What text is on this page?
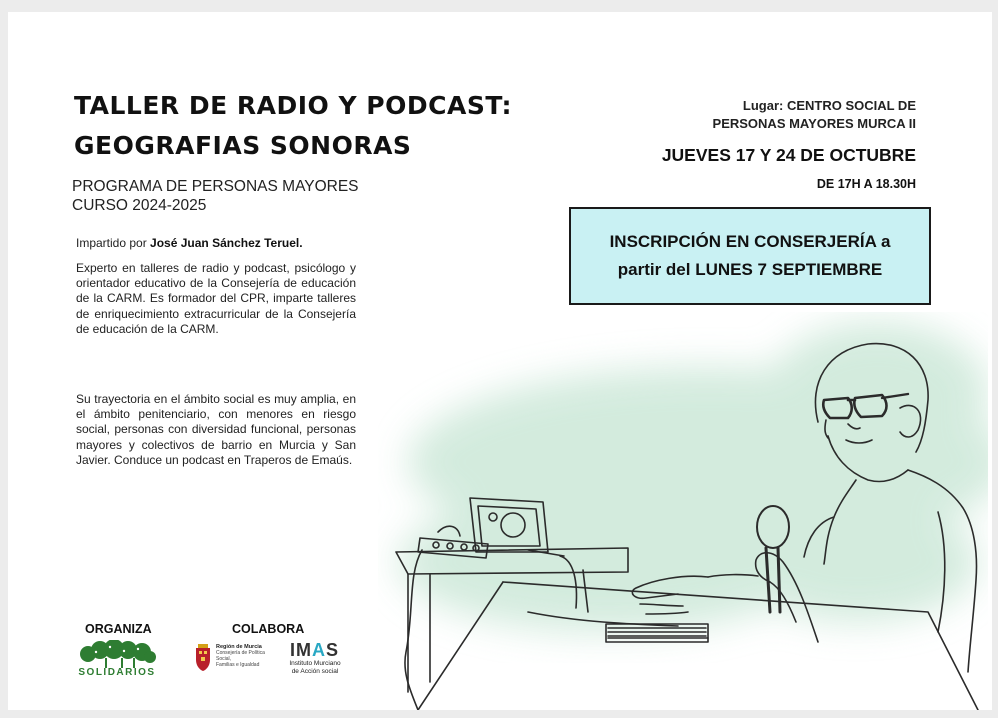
TALLER DE RADIO Y PODCAST:
GEOGRAFIAS SONORAS
PROGRAMA DE PERSONAS MAYORES
CURSO 2024-2025
Impartido por José Juan Sánchez Teruel.

Experto en talleres de radio y podcast, psicólogo y orientador educativo de la Consejería de educación de la CARM. Es formador del CPR, imparte talleres de enriquecimiento extracurricular de la Consejería de educación de la CARM.

Su trayectoria en el ámbito social es muy amplia, en el ámbito penitenciario, con menores en riesgo social, personas con diversidad funcional, personas mayores y colectivos de barrio en Murcia y San Javier. Conduce un podcast en Traperos de Emaús.

Lugar: CENTRO SOCIAL DE
PERSONAS MAYORES MURCA II
JUEVES 17 Y 24 DE OCTUBRE
DE 17H A 18.30H
INSCRIPCIÓN EN CONSERJERÍA a
partir del LUNES 7 SEPTIEMBRE
ORGANIZA	COLABORA
SOLIDARIOS
Región de Murcia
Consejería de Política Social,
Familias e Igualdad
IMAS
Instituto Murciano
de Acción social
